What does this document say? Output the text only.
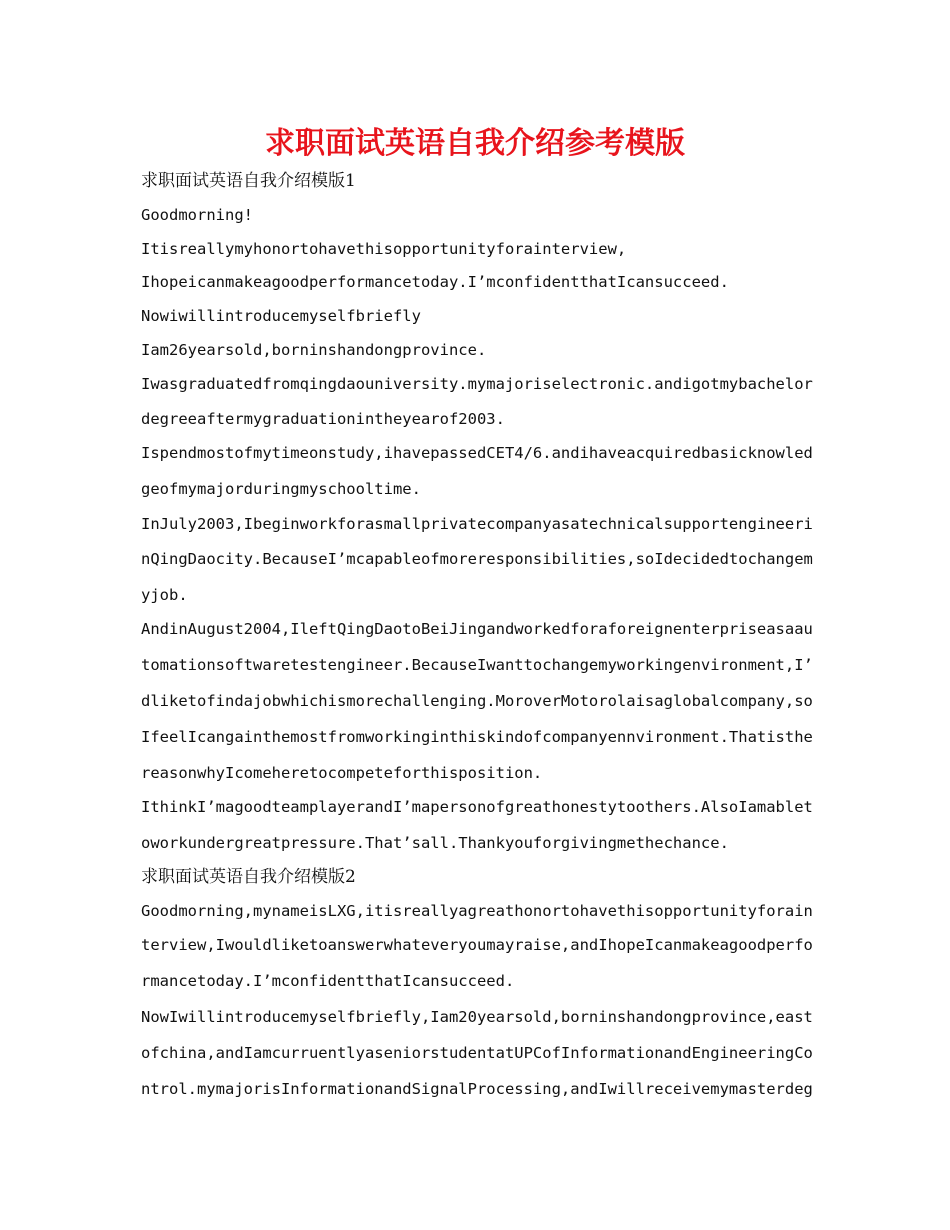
求职面试英语自我介绍参考模版

求职面试英语自我介绍模版1

Goodmorning!

Itisreallymyhonortohavethisopportunityforainterview,

Ihopeicanmakeagoodperformancetoday.I’mconfidentthatIcansucceed.

Nowiwillintroducemyselfbriefly

Iam26yearsold,borninshandongprovince.

Iwasgraduatedfromqingdaouniversity.mymajoriselectronic.andigotmybachelor

degreeaftermygraduationintheyearof2003.

Ispendmostofmytimeonstudy,ihavepassedCET4/6.andihaveacquiredbasicknowled

geofmymajorduringmyschooltime.

InJuly2003,Ibeginworkforasmallprivatecompanyasatechnicalsupportengineeri

nQingDaocity.BecauseI’mcapableofmoreresponsibilities,soIdecidedtochangem

yjob.

AndinAugust2004,IleftQingDaotoBeiJingandworkedforaforeignenterpriseasaau

tomationsoftwaretestengineer.BecauseIwanttochangemyworkingenvironment,I’

dliketofindajobwhichismorechallenging.MoroverMotorolaisaglobalcompany,so

IfeelIcangainthemostfromworkinginthiskindofcompanyennvironment.Thatisthe

reasonwhyIcomeheretocompeteforthisposition.

IthinkI’magoodteamplayerandI’mapersonofgreathonestytoothers.AlsoIamablet

oworkundergreatpressure.That’sall.Thankyouforgivingmethechance.

求职面试英语自我介绍模版2

Goodmorning,mynameisLXG,itisreallyagreathonortohavethisopportunityforain

terview,Iwouldliketoanswerwhateveryoumayraise,andIhopeIcanmakeagoodperfo

rmancetoday.I’mconfidentthatIcansucceed.

NowIwillintroducemyselfbriefly,Iam20yearsold,borninshandongprovince,east

ofchina,andIamcurruentlyaseniorstudentatUPCofInformationandEngineeringCo

ntrol.mymajorisInformationandSignalProcessing,andIwillreceivemymasterdeg
